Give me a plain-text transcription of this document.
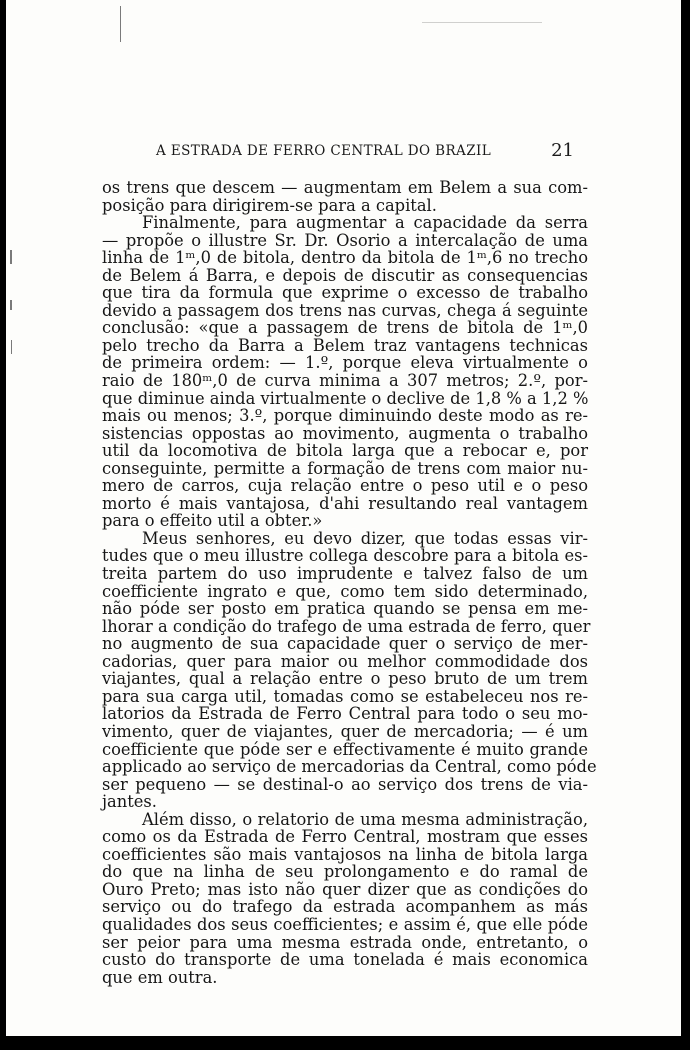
A ESTRADA DE FERRO CENTRAL DO BRAZIL	21
os trens que descem — augmentam em Belem a sua com-
posição para dirigirem-se para a capital.
Finalmente, para augmentar a capacidade da serra
— propõe o illustre Sr. Dr. Osorio a intercalação de uma
linha de 1ᵐ,0 de bitola, dentro da bitola de 1ᵐ,6 no trecho
de Belem á Barra, e depois de discutir as consequencias
que tira da formula que exprime o excesso de trabalho
devido a passagem dos trens nas curvas, chega á seguinte
conclusão: «que a passagem de trens de bitola de 1ᵐ,0
pelo trecho da Barra a Belem traz vantagens technicas
de primeira ordem: — 1.º, porque eleva virtualmente o
raio de 180ᵐ,0 de curva minima a 307 metros; 2.º, por-
que diminue ainda virtualmente o declive de 1,8 % a 1,2 %
mais ou menos; 3.º, porque diminuindo deste modo as re-
sistencias oppostas ao movimento, augmenta o trabalho
util da locomotiva de bitola larga que a rebocar e, por
conseguinte, permitte a formação de trens com maior nu-
mero de carros, cuja relação entre o peso util e o peso
morto é mais vantajosa, d'ahi resultando real vantagem
para o effeito util a obter.»
Meus senhores, eu devo dizer, que todas essas vir-
tudes que o meu illustre collega descobre para a bitola es-
treita partem do uso imprudente e talvez falso de um
coefficiente ingrato e que, como tem sido determinado,
não póde ser posto em pratica quando se pensa em me-
lhorar a condição do trafego de uma estrada de ferro, quer
no augmento de sua capacidade quer o serviço de mer-
cadorias, quer para maior ou melhor commodidade dos
viajantes, qual a relação entre o peso bruto de um trem
para sua carga util, tomadas como se estabeleceu nos re-
latorios da Estrada de Ferro Central para todo o seu mo-
vimento, quer de viajantes, quer de mercadoria; — é um
coefficiente que póde ser e effectivamente é muito grande
applicado ao serviço de mercadorias da Central, como póde
ser pequeno — se destinal-o ao serviço dos trens de via-
jantes.
Além disso, o relatorio de uma mesma administração,
como os da Estrada de Ferro Central, mostram que esses
coefficientes são mais vantajosos na linha de bitola larga
do que na linha de seu prolongamento e do ramal de
Ouro Preto; mas isto não quer dizer que as condições do
serviço ou do trafego da estrada acompanhem as más
qualidades dos seus coefficientes; e assim é, que elle póde
ser peior para uma mesma estrada onde, entretanto, o
custo do transporte de uma tonelada é mais economica
que em outra.
